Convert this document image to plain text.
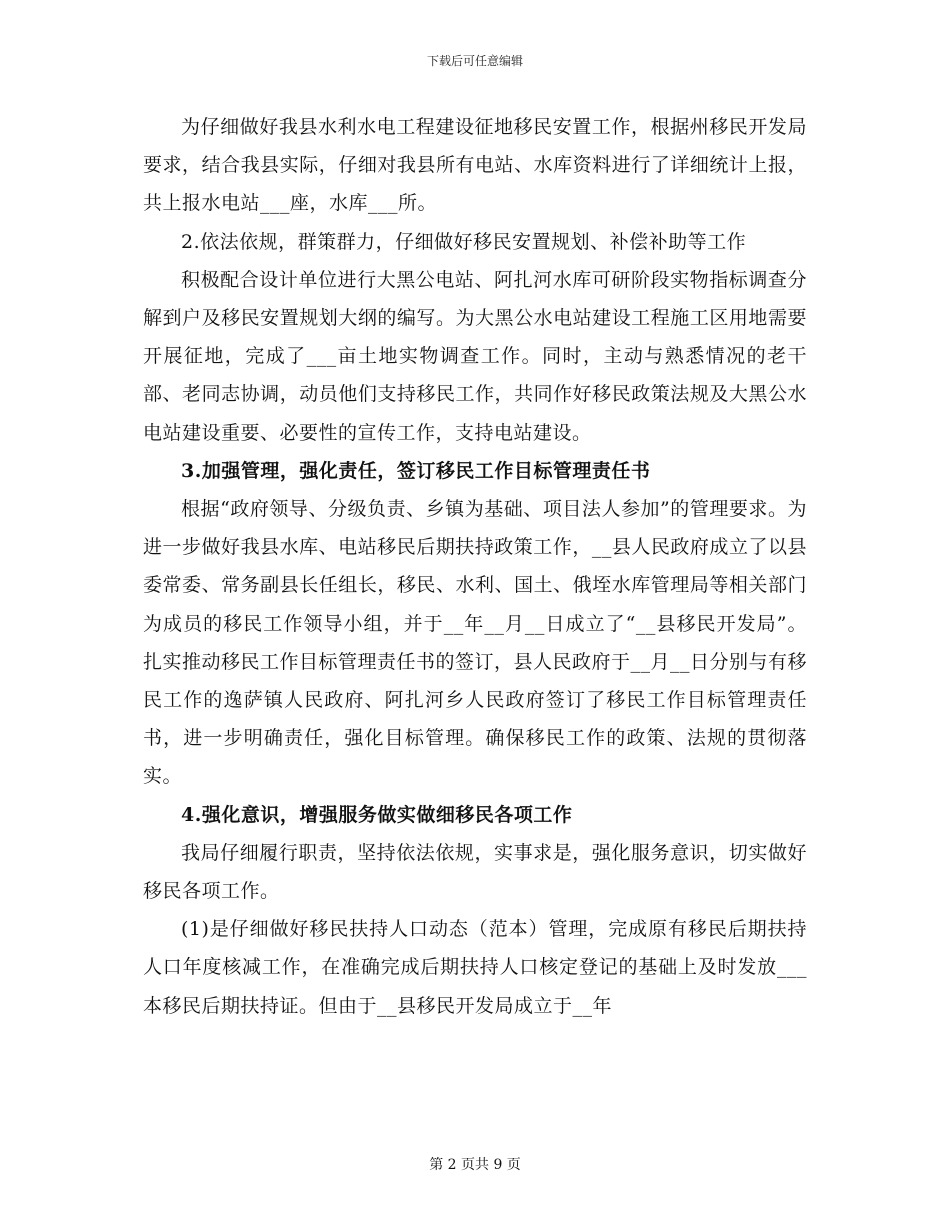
下载后可任意编辑

为仔细做好我县水利水电工程建设征地移民安置工作，根据州移民开发局要求，结合我县实际，仔细对我县所有电站、水库资料进行了详细统计上报，共上报水电站___座，水库___所。

2.依法依规，群策群力，仔细做好移民安置规划、补偿补助等工作

积极配合设计单位进行大黑公电站、阿扎河水库可研阶段实物指标调查分解到户及移民安置规划大纲的编写。为大黑公水电站建设工程施工区用地需要开展征地，完成了___亩土地实物调查工作。同时，主动与熟悉情况的老干部、老同志协调，动员他们支持移民工作，共同作好移民政策法规及大黑公水电站建设重要、必要性的宣传工作，支持电站建设。

3.加强管理，强化责任，签订移民工作目标管理责任书

根据“政府领导、分级负责、乡镇为基础、项目法人参加”的管理要求。为进一步做好我县水库、电站移民后期扶持政策工作，__县人民政府成立了以县委常委、常务副县长任组长，移民、水利、国土、俄垤水库管理局等相关部门为成员的移民工作领导小组，并于__年__月__日成立了“__县移民开发局”。扎实推动移民工作目标管理责任书的签订，县人民政府于__月__日分别与有移民工作的逸萨镇人民政府、阿扎河乡人民政府签订了移民工作目标管理责任书，进一步明确责任，强化目标管理。确保移民工作的政策、法规的贯彻落实。

4.强化意识，增强服务做实做细移民各项工作

我局仔细履行职责，坚持依法依规，实事求是，强化服务意识，切实做好移民各项工作。

(1)是仔细做好移民扶持人口动态（范本）管理，完成原有移民后期扶持人口年度核减工作，在准确完成后期扶持人口核定登记的基础上及时发放___本移民后期扶持证。但由于__县移民开发局成立于__年

第 2 页共 9 页
